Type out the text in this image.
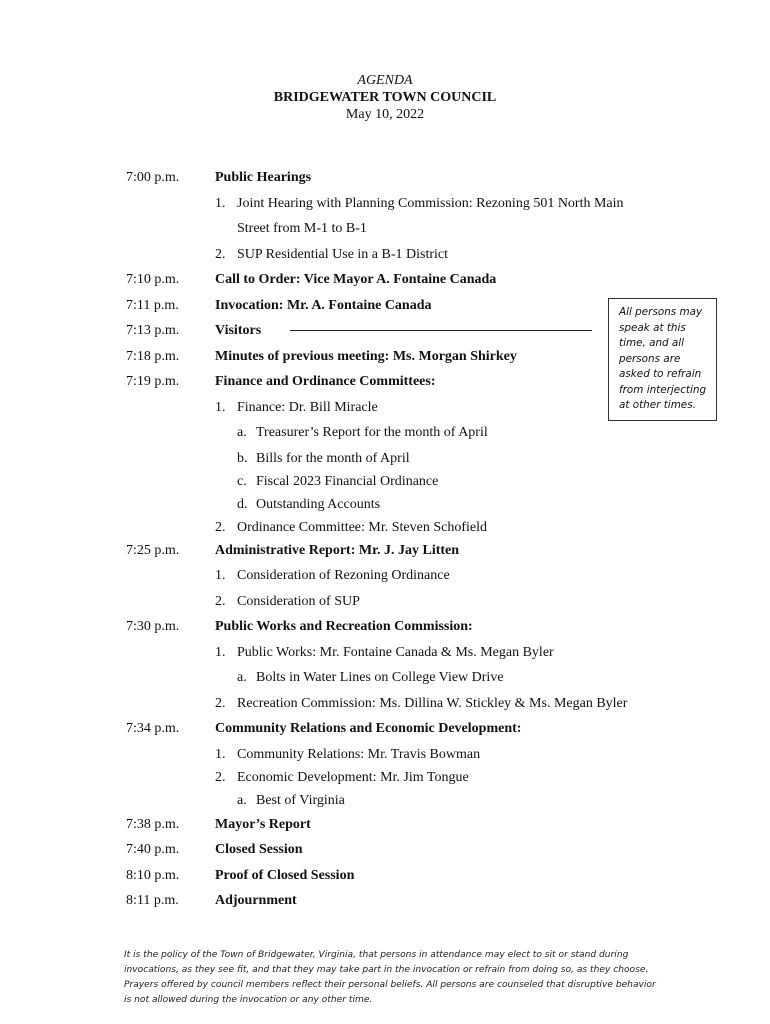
AGENDA
BRIDGEWATER TOWN COUNCIL
May 10, 2022
7:00 p.m.	Public Hearings
1. Joint Hearing with Planning Commission: Rezoning 501 North Main
Street from M-1 to B-1
2. SUP Residential Use in a B-1 District
7:10 p.m.	Call to Order: Vice Mayor A. Fontaine Canada
7:11 p.m.	Invocation: Mr. A. Fontaine Canada
7:13 p.m.	Visitors
7:18 p.m.	Minutes of previous meeting: Ms. Morgan Shirkey
7:19 p.m.	Finance and Ordinance Committees:
1. Finance: Dr. Bill Miracle
a. Treasurer’s Report for the month of April
b. Bills for the month of April
c. Fiscal 2023 Financial Ordinance
d. Outstanding Accounts
2. Ordinance Committee: Mr. Steven Schofield
7:25 p.m.	Administrative Report: Mr. J. Jay Litten
1. Consideration of Rezoning Ordinance
2. Consideration of SUP
7:30 p.m.	Public Works and Recreation Commission:
1. Public Works: Mr. Fontaine Canada & Ms. Megan Byler
a. Bolts in Water Lines on College View Drive
2. Recreation Commission: Ms. Dillina W. Stickley & Ms. Megan Byler
7:34 p.m.	Community Relations and Economic Development:
1. Community Relations: Mr. Travis Bowman
2. Economic Development: Mr. Jim Tongue
a. Best of Virginia
7:38 p.m.	Mayor’s Report
7:40 p.m.	Closed Session
8:10 p.m.	Proof of Closed Session
8:11 p.m.	Adjournment
All persons may speak at this time, and all persons are asked to refrain from interjecting at other times.
It is the policy of the Town of Bridgewater, Virginia, that persons in attendance may elect to sit or stand during invocations, as they see fit, and that they may take part in the invocation or refrain from doing so, as they choose. Prayers offered by council members reflect their personal beliefs. All persons are counseled that disruptive behavior is not allowed during the invocation or any other time.
